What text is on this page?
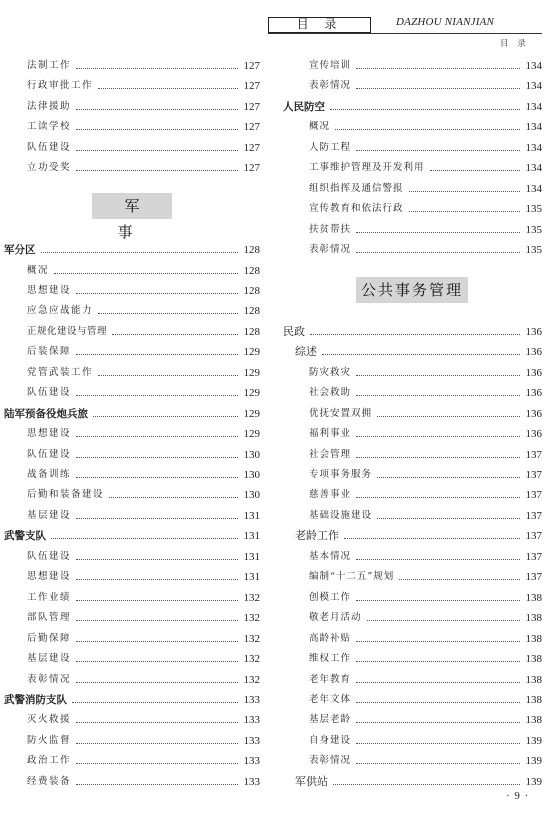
目 录	DAZHOU NIANJIAN
目 录
法制工作	127
行政审批工作	127
法律援助	127
工读学校	127
队伍建设	127
立功受奖	127
军分区	128
概况	128
思想建设	128
应急应战能力	128
正规化建设与管理	128
后装保障	129
党管武装工作	129
队伍建设	129
陆军预备役炮兵旅	129
思想建设	129
队伍建设	130
战备训练	130
后勤和装备建设	130
基层建设	131
武警支队	131
队伍建设	131
思想建设	131
工作业绩	132
部队管理	132
后勤保障	132
基层建设	132
表彰情况	132
武警消防支队	133
灭火救援	133
防火监督	133
政治工作	133
经费装备	133
宣传培训	134
表彰情况	134
人民防空	134
概况	134
人防工程	134
工事维护管理及开发利用	134
组织指挥及通信警报	134
宣传教育和依法行政	135
扶贫帮扶	135
表彰情况	135
民政	136
综述	136
防灾救灾	136
社会救助	136
优抚安置双拥	136
福利事业	136
社会管理	137
专项事务服务	137
慈善事业	137
基础设施建设	137
老龄工作	137
基本情况	137
编制“十二五”规划	137
创模工作	138
敬老月活动	138
高龄补贴	138
维权工作	138
老年教育	138
老年文体	138
基层老龄	138
自身建设	139
表彰情况	139
军供站	139
军 事
公共事务管理
· 9 ·
